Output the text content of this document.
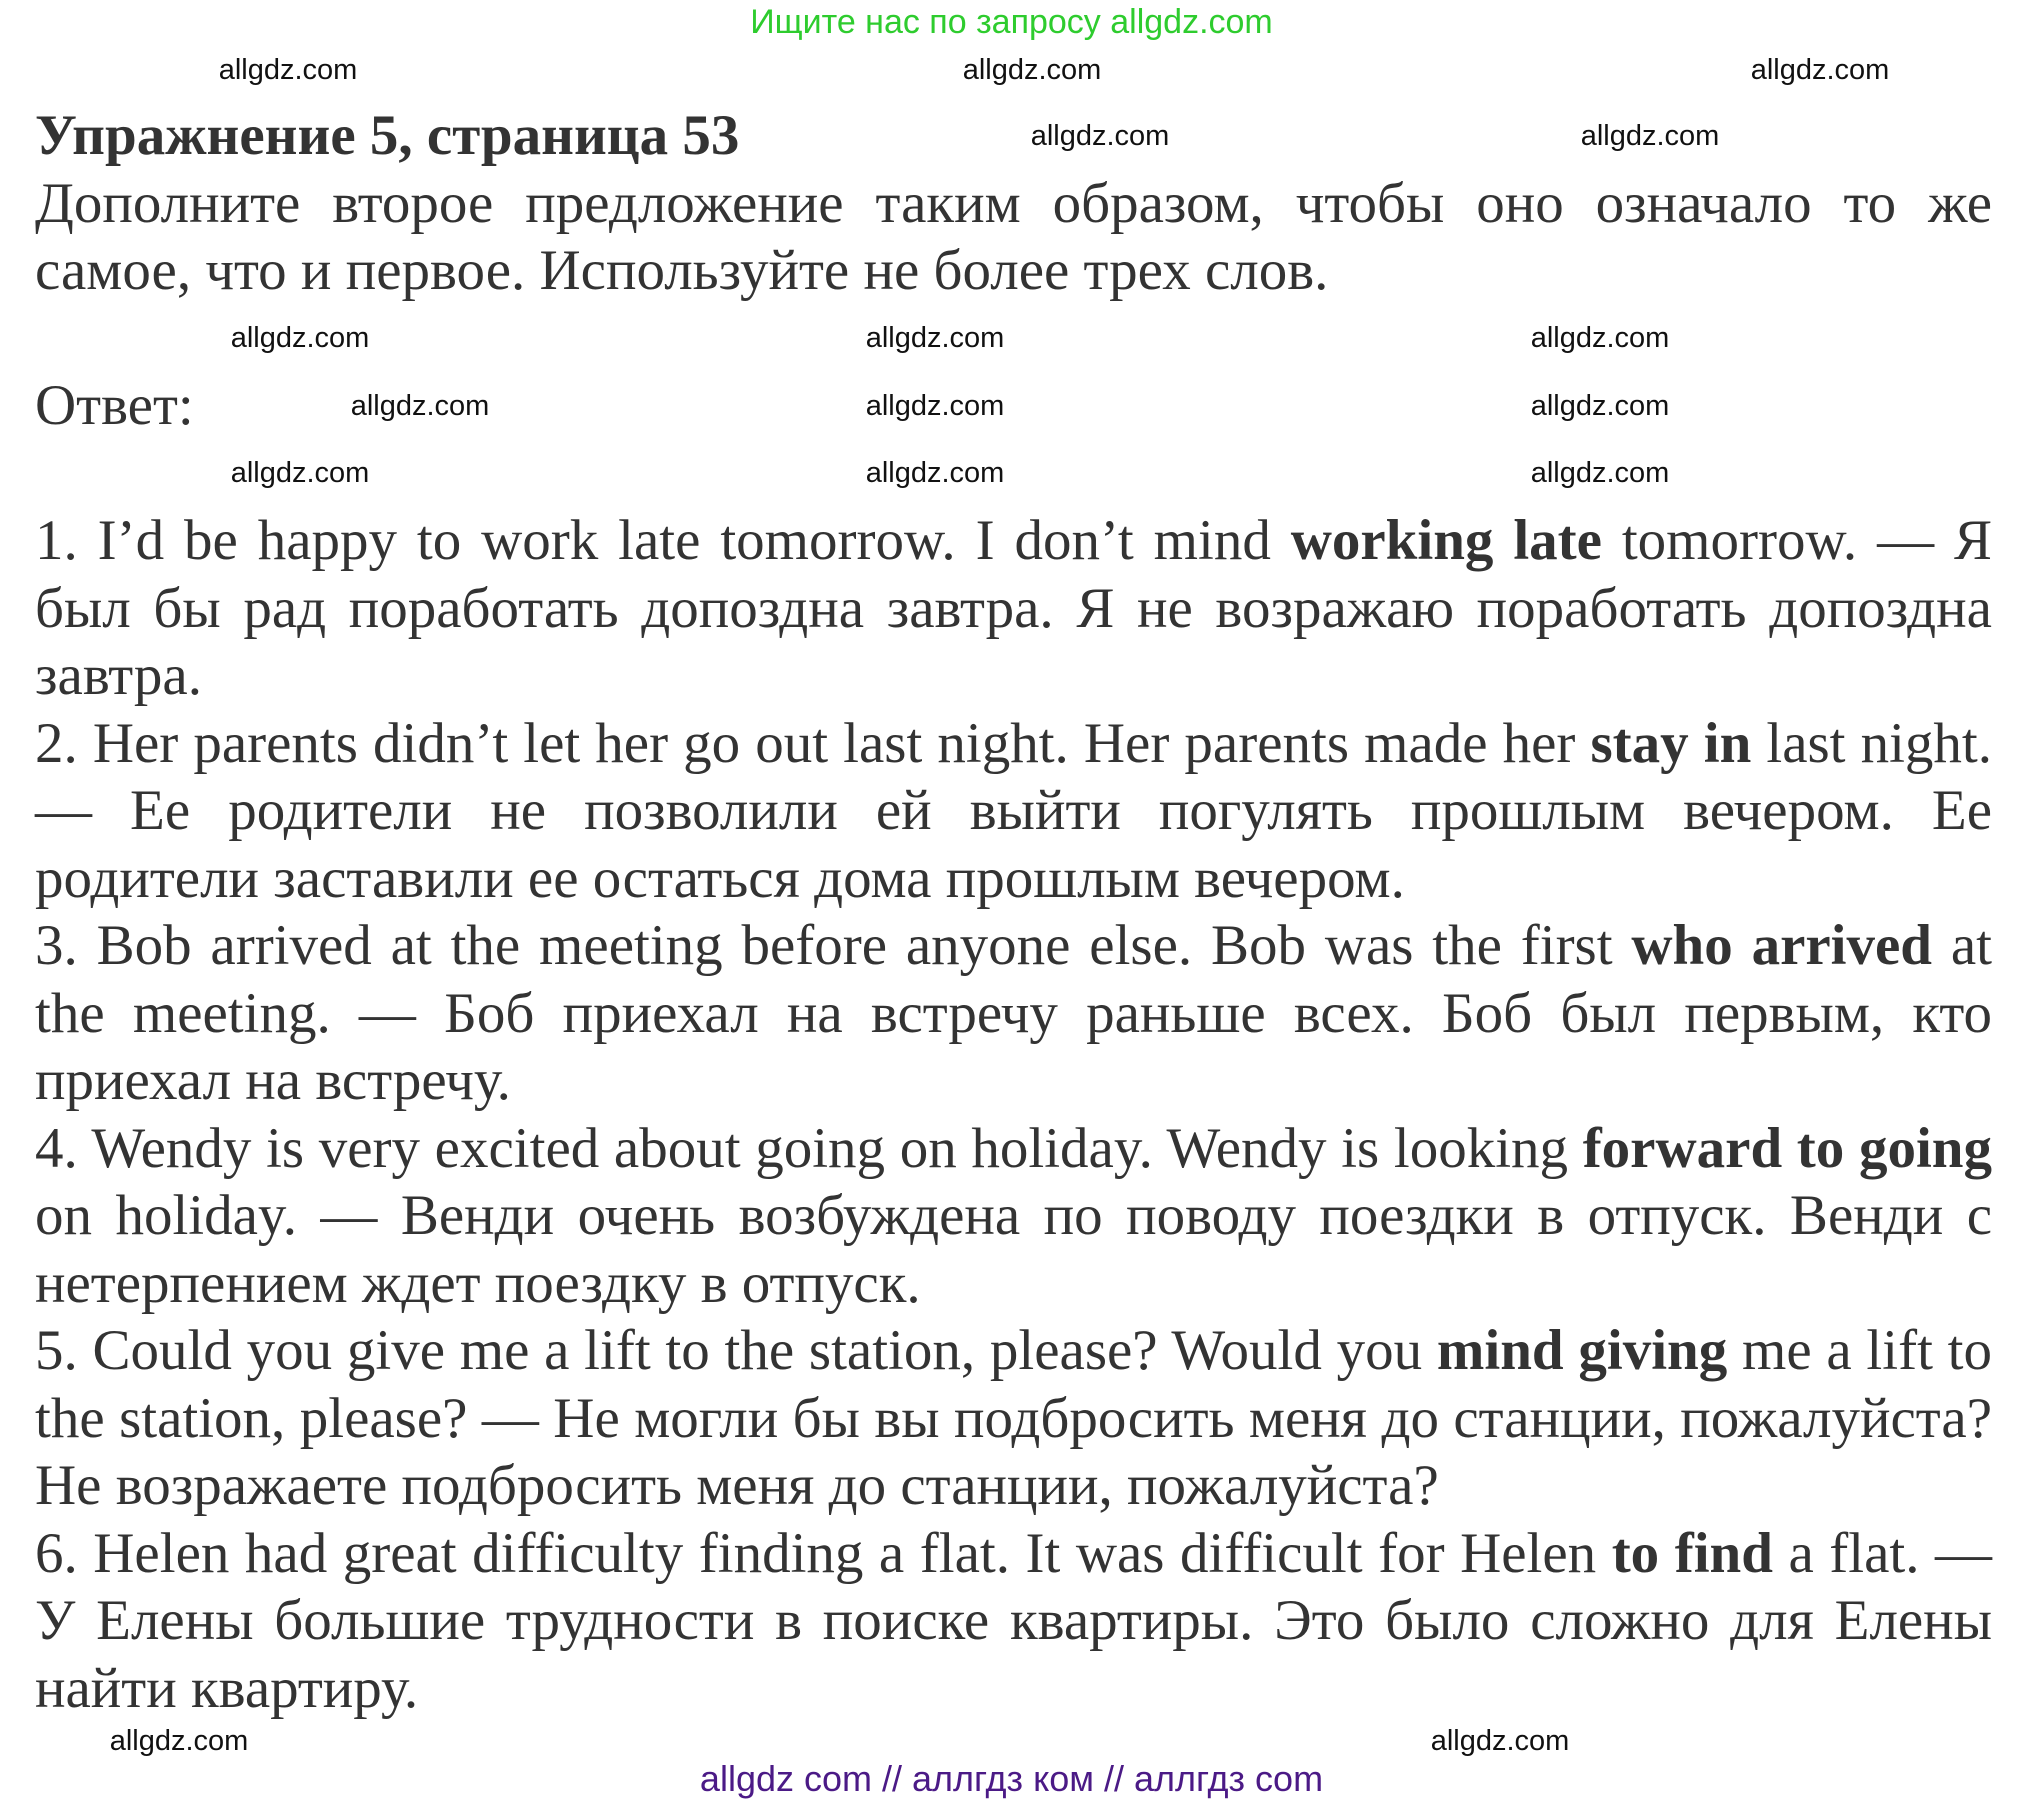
Ищите нас по запросу allgdz.com
Упражнение 5, страница 53

Дополните второе предложение таким образом, чтобы оно означало то же самое, что и первое. Используйте не более трех слов.

Ответ:

1. I’d be happy to work late tomorrow. I don’t mind working late tomorrow. — Я был бы рад поработать допоздна завтра. Я не возражаю поработать допоздна завтра.

2. Her parents didn’t let her go out last night. Her parents made her stay in last night. — Ее родители не позволили ей выйти погулять прошлым вечером. Ее родители заставили ее остаться дома прошлым вечером.

3. Bob arrived at the meeting before anyone else. Bob was the first who arrived at the meeting. — Боб приехал на встречу раньше всех. Боб был первым, кто приехал на встречу.

4. Wendy is very excited about going on holiday. Wendy is looking forward to going on holiday. — Венди очень возбуждена по поводу поездки в отпуск. Венди с нетерпением ждет поездку в отпуск.

5. Could you give me a lift to the station, please? Would you mind giving me a lift to the station, please? — Не могли бы вы подбросить меня до станции, пожалуйста? Не возражаете подбросить меня до станции, пожалуйста?

6. Helen had great difficulty finding a flat. It was difficult for Helen to find a flat. — У Елены большие трудности в поиске квартиры. Это было сложно для Елены найти квартиру.

allgdz.com	allgdz.com	allgdz.com
allgdz.com	allgdz.com
allgdz.com	allgdz.com	allgdz.com
allgdz.com	allgdz.com	allgdz.com
allgdz.com	allgdz.com	allgdz.com
allgdz.com	allgdz.com
allgdz com // аллгдз ком // аллгдз com
